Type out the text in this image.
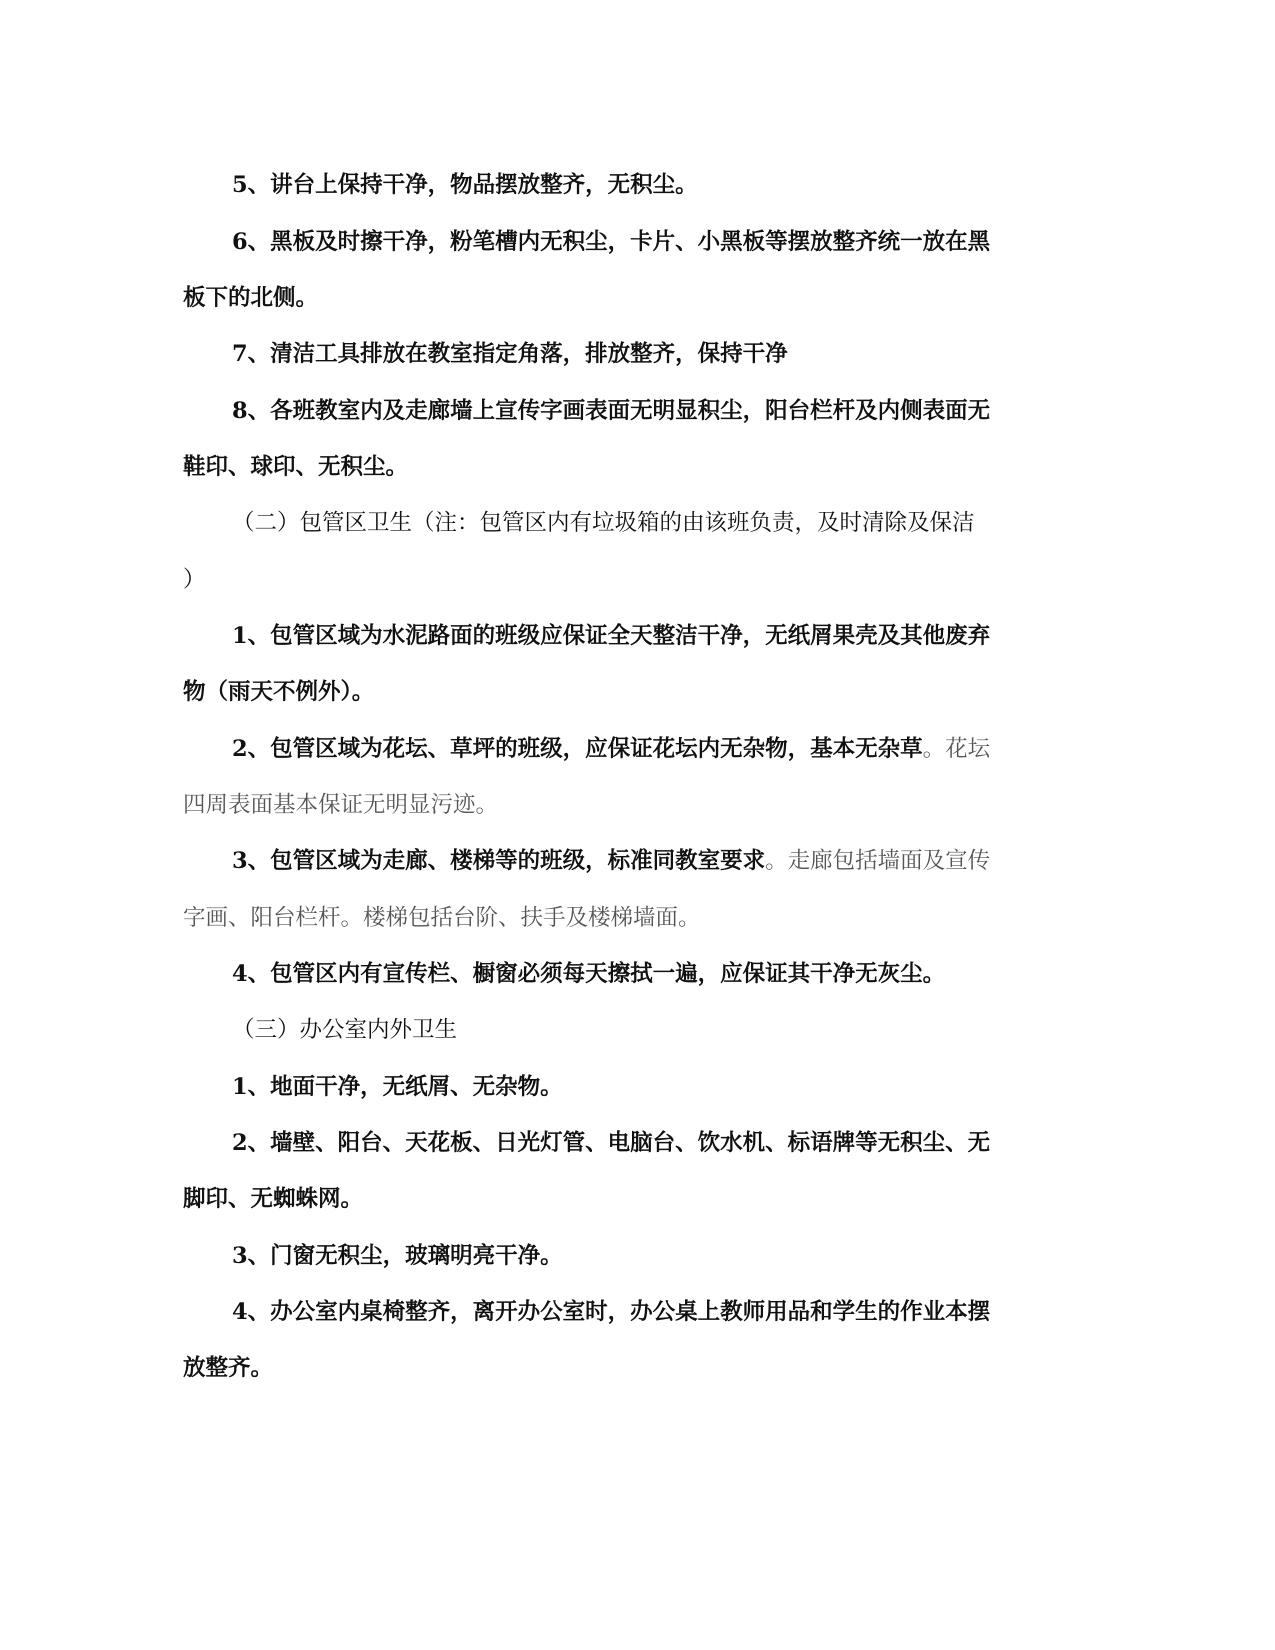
5、讲台上保持干净，物品摆放整齐，无积尘。
6、黑板及时擦干净，粉笔槽内无积尘，卡片、小黑板等摆放整齐统一放在黑
板下的北侧。
7、清洁工具排放在教室指定角落，排放整齐，保持干净
8、各班教室内及走廊墙上宣传字画表面无明显积尘，阳台栏杆及内侧表面无
鞋印、球印、无积尘。
（二）包管区卫生（注：包管区内有垃圾箱的由该班负责，及时清除及保洁
）
1、包管区域为水泥路面的班级应保证全天整洁干净，无纸屑果壳及其他废弃
物（雨天不例外）。
2、包管区域为花坛、草坪的班级，应保证花坛内无杂物，基本无杂草。花坛
四周表面基本保证无明显污迹。
3、包管区域为走廊、楼梯等的班级，标准同教室要求。走廊包括墙面及宣传
字画、阳台栏杆。楼梯包括台阶、扶手及楼梯墙面。
4、包管区内有宣传栏、橱窗必须每天擦拭一遍，应保证其干净无灰尘。
（三）办公室内外卫生
1、地面干净，无纸屑、无杂物。
2、墙壁、阳台、天花板、日光灯管、电脑台、饮水机、标语牌等无积尘、无
脚印、无蜘蛛网。
3、门窗无积尘，玻璃明亮干净。
4、办公室内桌椅整齐，离开办公室时，办公桌上教师用品和学生的作业本摆
放整齐。
